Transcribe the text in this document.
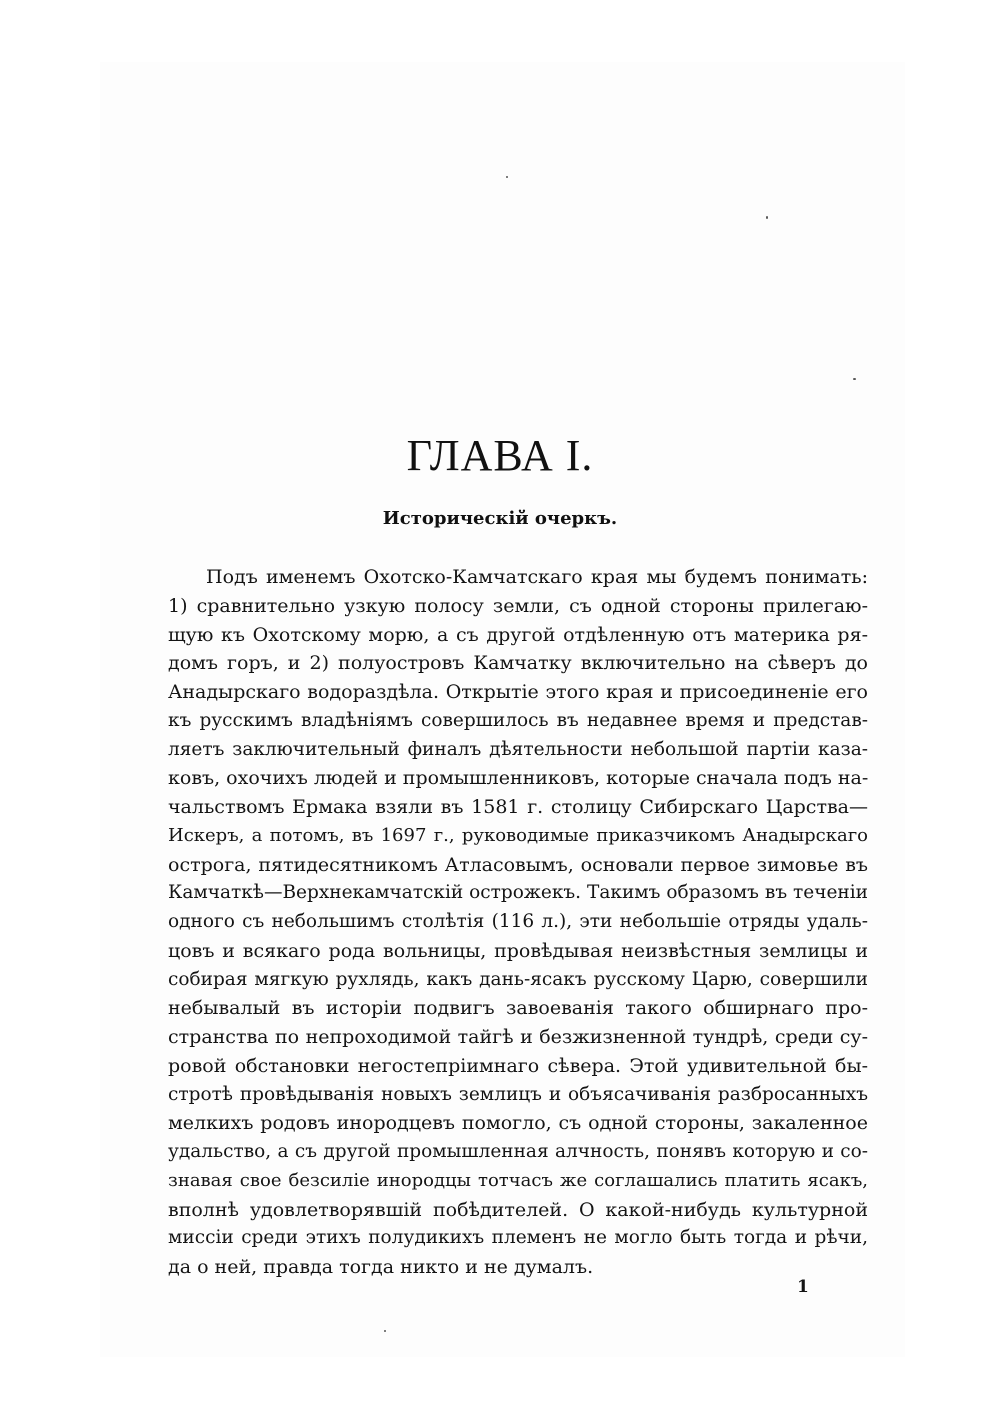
ГЛАВА I.
Историческій очеркъ.
Подъ именемъ Охотско-Камчатскаго края мы будемъ понимать:
1) сравнительно узкую полосу земли, съ одной стороны прилегаю-
щую къ Охотскому морю, а съ другой отдѣленную отъ материка ря-
домъ горъ, и 2) полуостровъ Камчатку включительно на сѣверъ до
Анадырскаго водораздѣла. Открытіе этого края и присоединеніе его
къ русскимъ владѣніямъ совершилось въ недавнее время и представ-
ляетъ заключительный финалъ дѣятельности небольшой партіи каза-
ковъ, охочихъ людей и промышленниковъ, которые сначала подъ на-
чальствомъ Ермака взяли въ 1581 г. столицу Сибирскаго Царства—
Искеръ, а потомъ, въ 1697 г., руководимые приказчикомъ Анадырскаго
острога, пятидесятникомъ Атласовымъ, основали первое зимовье въ
Камчаткѣ—Верхнекамчатскій острожекъ. Такимъ образомъ въ теченіи
одного съ небольшимъ столѣтія (116 л.), эти небольшіе отряды удаль-
цовъ и всякаго рода вольницы, провѣдывая неизвѣстныя землицы и
собирая мягкую рухлядь, какъ дань-ясакъ русскому Царю, совершили
небывалый въ исторіи подвигъ завоеванія такого обширнаго про-
странства по непроходимой тайгѣ и безжизненной тундрѣ, среди су-
ровой обстановки негостепріимнаго сѣвера. Этой удивительной бы-
стротѣ провѣдыванія новыхъ землицъ и объясачиванія разбросанныхъ
мелкихъ родовъ инородцевъ помогло, съ одной стороны, закаленное
удальство, а съ другой промышленная алчность, понявъ которую и со-
знавая свое безсиліе инородцы тотчасъ же соглашались платить ясакъ,
вполнѣ удовлетворявшій побѣдителей. О какой-нибудь культурной
миссіи среди этихъ полудикихъ племенъ не могло быть тогда и рѣчи,
да о ней, правда тогда никто и не думалъ.
1
